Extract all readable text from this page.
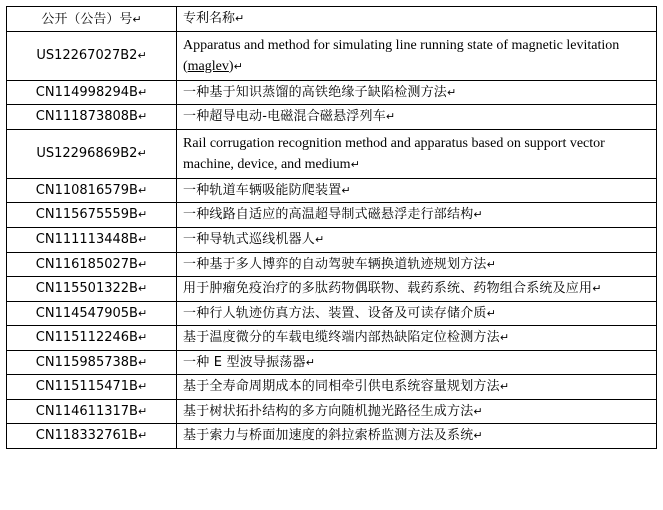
公开（公告）号↵	专利名称↵
US12267027B2↵	Apparatus and method for simulating line running state of magnetic levitation (maglev)↵
CN114998294B↵	一种基于知识蒸馏的高铁绝缘子缺陷检测方法↵
CN111873808B↵	一种超导电动-电磁混合磁悬浮列车↵
US12296869B2↵	Rail corrugation recognition method and apparatus based on support vector machine, device, and medium↵
CN110816579B↵	一种轨道车辆吸能防爬装置↵
CN115675559B↵	一种线路自适应的高温超导制式磁悬浮走行部结构↵
CN111113448B↵	一种导轨式巡线机器人↵
CN116185027B↵	一种基于多人博弈的自动驾驶车辆换道轨迹规划方法↵
CN115501322B↵	用于肿瘤免疫治疗的多肽药物偶联物、载药系统、药物组合系统及应用↵
CN114547905B↵	一种行人轨迹仿真方法、装置、设备及可读存储介质↵
CN115112246B↵	基于温度微分的车载电缆终端内部热缺陷定位检测方法↵
CN115985738B↵	一种 E 型波导振荡器↵
CN115115471B↵	基于全寿命周期成本的同相牵引供电系统容量规划方法↵
CN114611317B↵	基于树状拓扑结构的多方向随机抛光路径生成方法↵
CN118332761B↵	基于索力与桥面加速度的斜拉索桥监测方法及系统↵
